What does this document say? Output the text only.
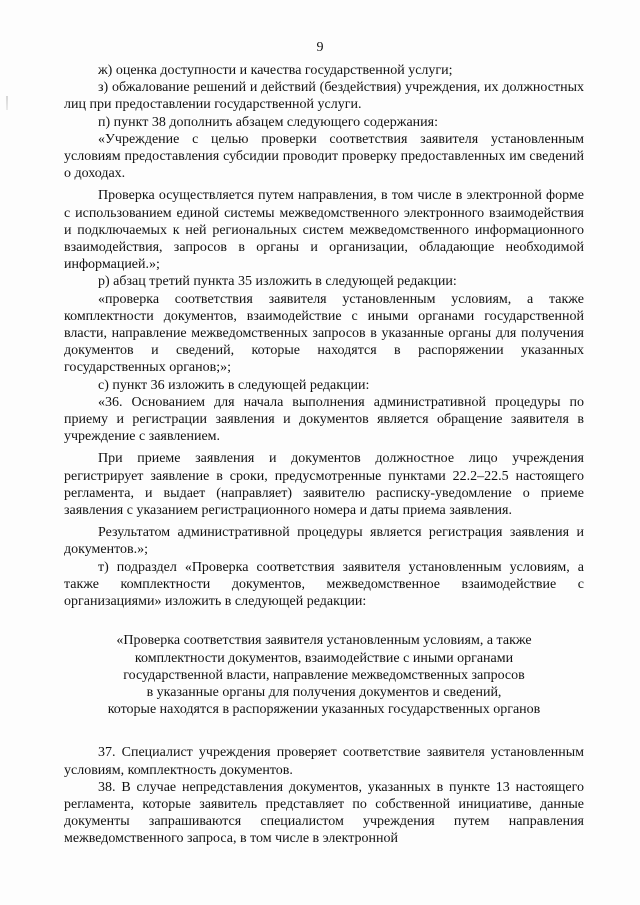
9

ж) оценка доступности и качества государственной услуги;

з) обжалование решений и действий (бездействия) учреждения, их должностных лиц при предоставлении государственной услуги.

п) пункт 38 дополнить абзацем следующего содержания:

«Учреждение с целью проверки соответствия заявителя установленным условиям предоставления субсидии проводит проверку предоставленных им сведений о доходах.

Проверка осуществляется путем направления, в том числе в электронной форме с использованием единой системы межведомственного электронного взаимодействия и подключаемых к ней региональных систем межведомственного информационного взаимодействия, запросов в органы и организации, обладающие необходимой информацией.»;

р) абзац третий пункта 35 изложить в следующей редакции:

«проверка соответствия заявителя установленным условиям, а также комплектности документов, взаимодействие с иными органами государственной власти, направление межведомственных запросов в указанные органы для получения документов и сведений, которые находятся в распоряжении указанных государственных органов;»;

с) пункт 36 изложить в следующей редакции:

«36. Основанием для начала выполнения административной процедуры по приему и регистрации заявления и документов является обращение заявителя в учреждение с заявлением.

При приеме заявления и документов должностное лицо учреждения регистрирует заявление в сроки, предусмотренные пунктами 22.2–22.5 настоящего регламента, и выдает (направляет) заявителю расписку-уведомление о приеме заявления с указанием регистрационного номера и даты приема заявления.

Результатом административной процедуры является регистрация заявления и документов.»;

т) подраздел «Проверка соответствия заявителя установленным условиям, а также комплектности документов, межведомственное взаимодействие с организациями» изложить в следующей редакции:

«Проверка соответствия заявителя установленным условиям, а также
комплектности документов, взаимодействие с иными органами
государственной власти, направление межведомственных запросов
в указанные органы для получения документов и сведений,
которые находятся в распоряжении указанных государственных органов

37. Специалист учреждения проверяет соответствие заявителя установленным условиям, комплектность документов.

38. В случае непредставления документов, указанных в пункте 13 настоящего регламента, которые заявитель представляет по собственной инициативе, данные документы запрашиваются специалистом учреждения путем направления межведомственного запроса, в том числе в электронной
